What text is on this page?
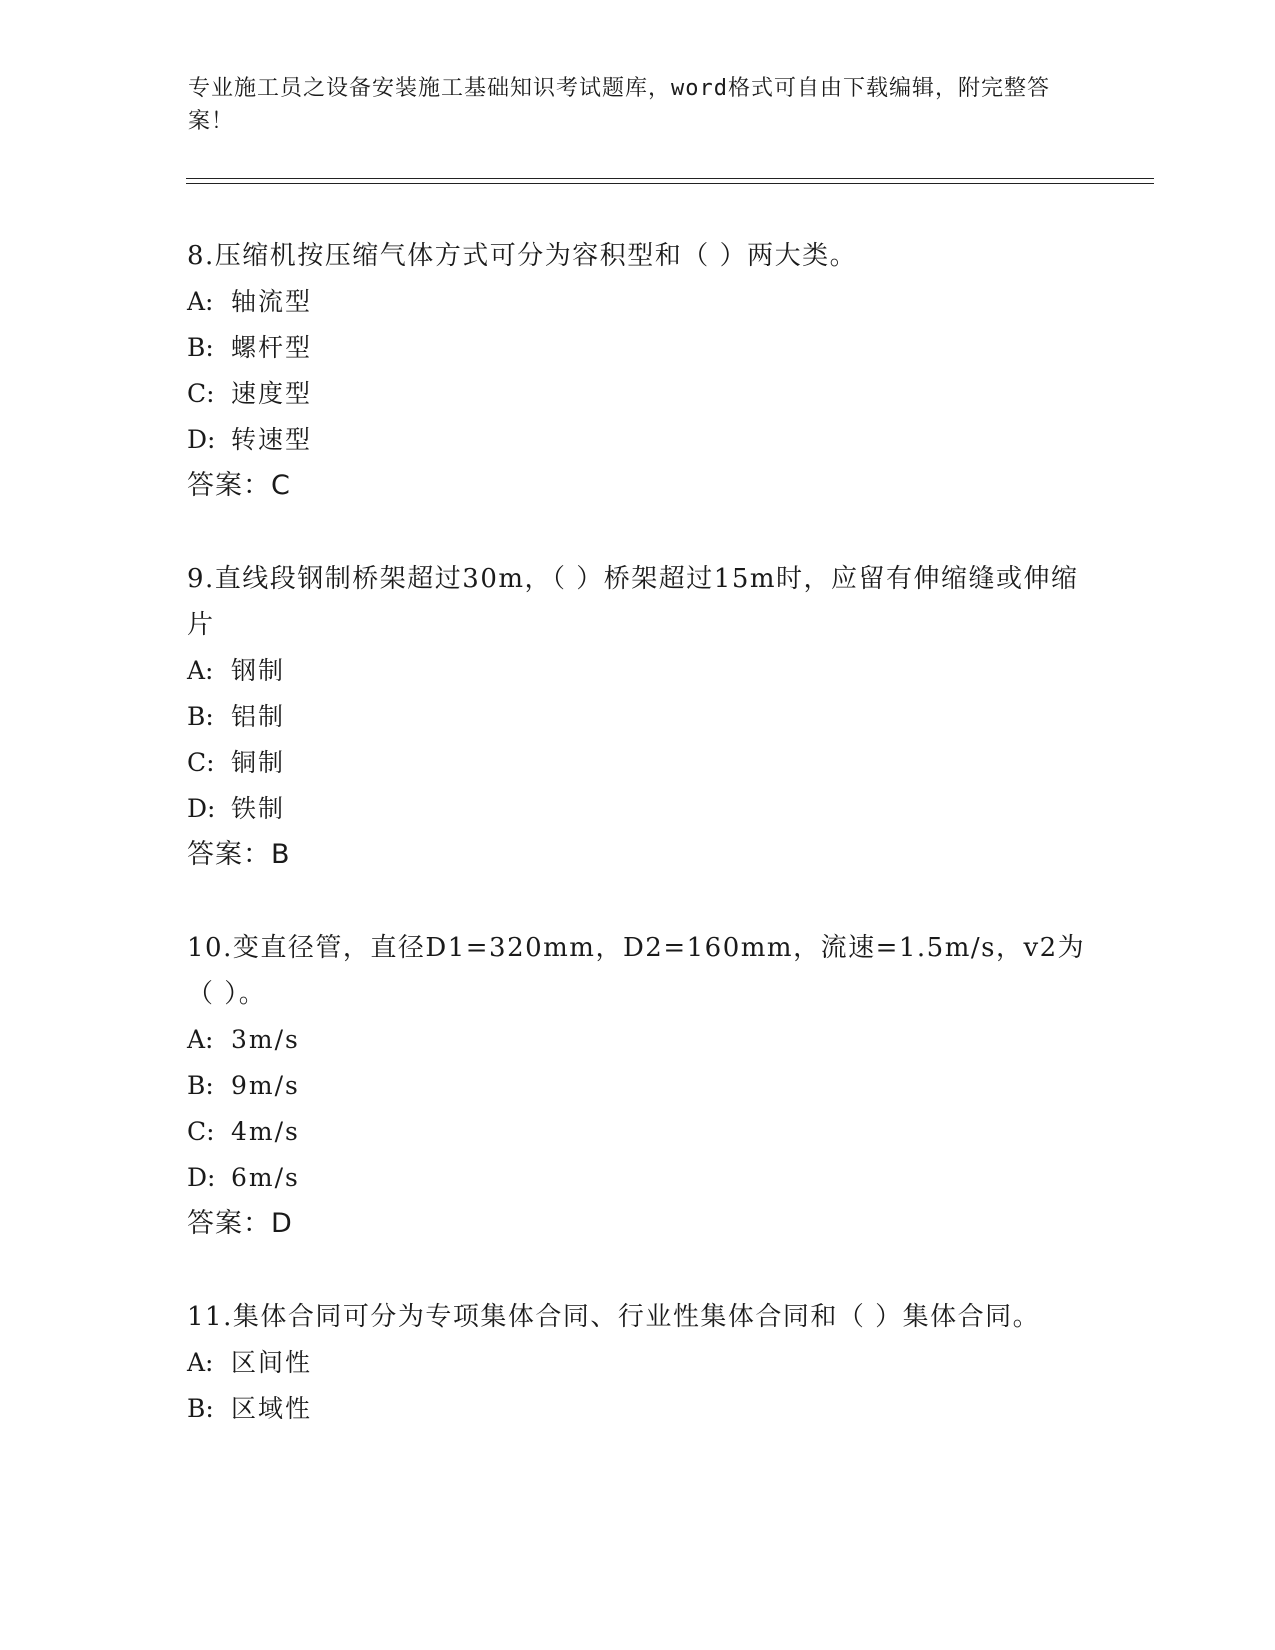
专业施工员之设备安装施工基础知识考试题库，word格式可自由下载编辑，附完整答案！

8.压缩机按压缩气体方式可分为容积型和（ ）两大类。

A: 轴流型
B: 螺杆型
C: 速度型
D: 转速型
答案：C

9.直线段钢制桥架超过30m，（ ）桥架超过15m时，应留有伸缩缝或伸缩片

A: 钢制
B: 铝制
C: 铜制
D: 铁制
答案：B

10.变直径管，直径D1=320mm，D2=160mm，流速=1.5m/s，v2为（ ）。

A: 3m/s
B: 9m/s
C: 4m/s
D: 6m/s
答案：D

11.集体合同可分为专项集体合同、行业性集体合同和（ ）集体合同。

A: 区间性
B: 区域性
